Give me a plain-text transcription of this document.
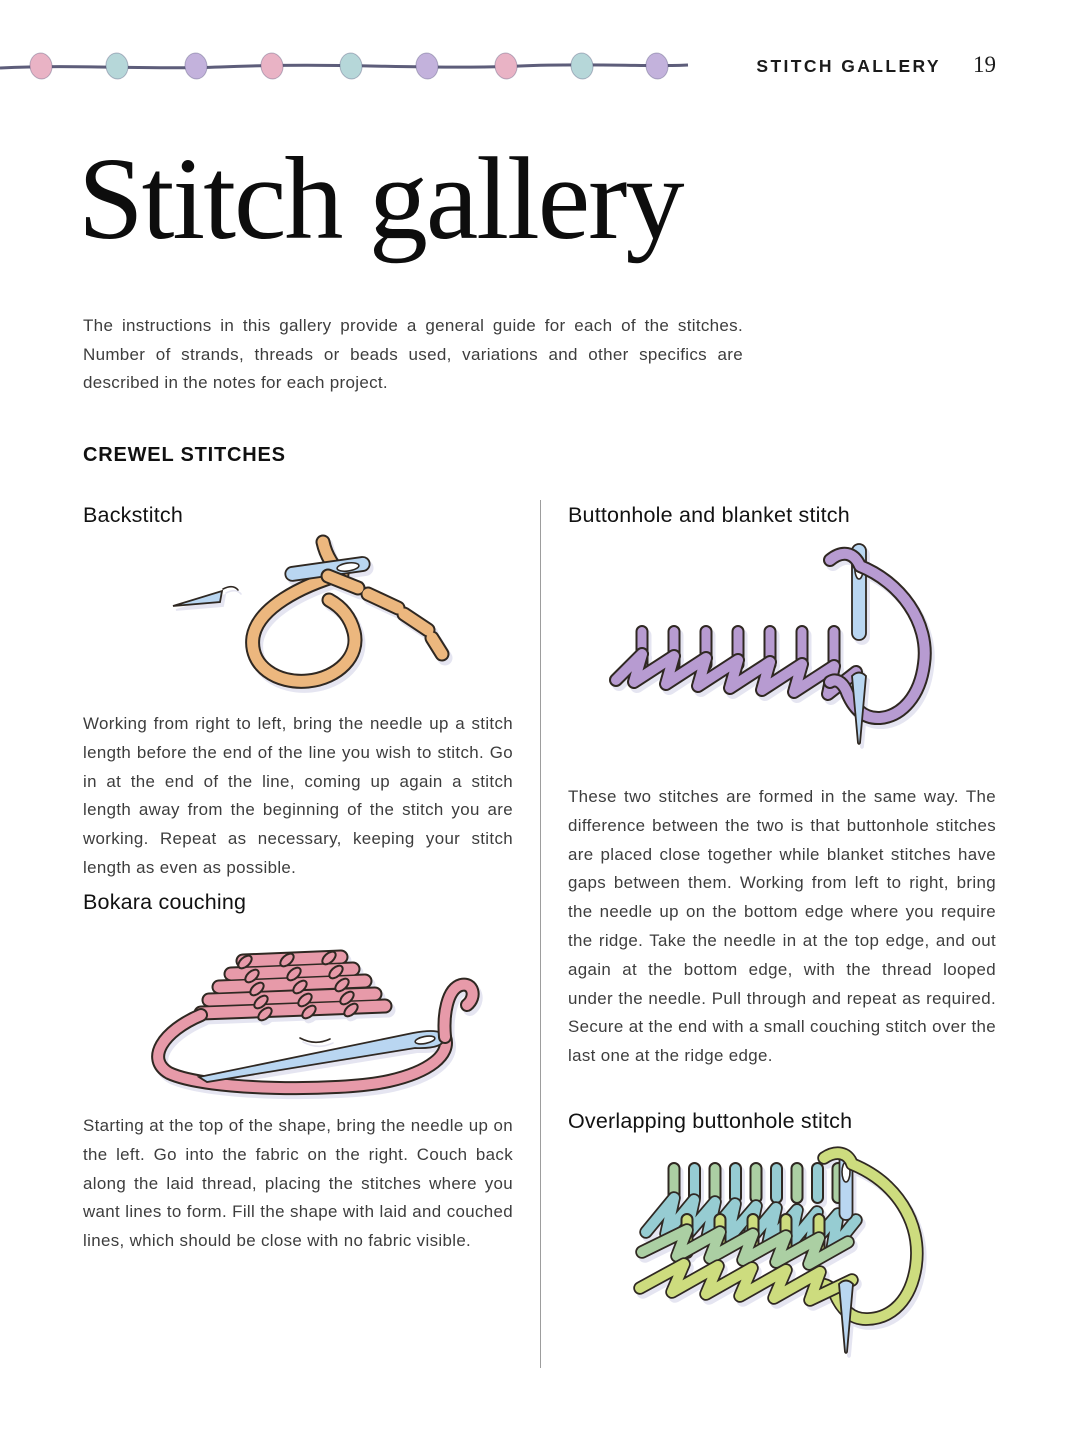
STITCH GALLERY 19
Stitch gallery

The instructions in this gallery provide a general guide for each of the stitches. Number of strands, threads or beads used, variations and other specifics are described in the notes for each project.

CREWEL STITCHES
Backstitch

Working from right to left, bring the needle up a stitch length before the end of the line you wish to stitch. Go in at the end of the line, coming up again a stitch length away from the beginning of the stitch you are working. Repeat as necessary, keeping your stitch length as even as possible.

Bokara couching

Starting at the top of the shape, bring the needle up on the left. Go into the fabric on the right. Couch back along the laid thread, placing the stitches where you want lines to form. Fill the shape with laid and couched lines, which should be close with no fabric visible.

Buttonhole and blanket stitch

These two stitches are formed in the same way. The difference between the two is that buttonhole stitches are placed close together while blanket stitches have gaps between them. Working from left to right, bring the needle up on the bottom edge where you require the ridge. Take the needle in at the top edge, and out again at the bottom edge, with the thread looped under the needle. Pull through and repeat as required. Secure at the end with a small couching stitch over the last one at the ridge edge.

Overlapping buttonhole stitch
